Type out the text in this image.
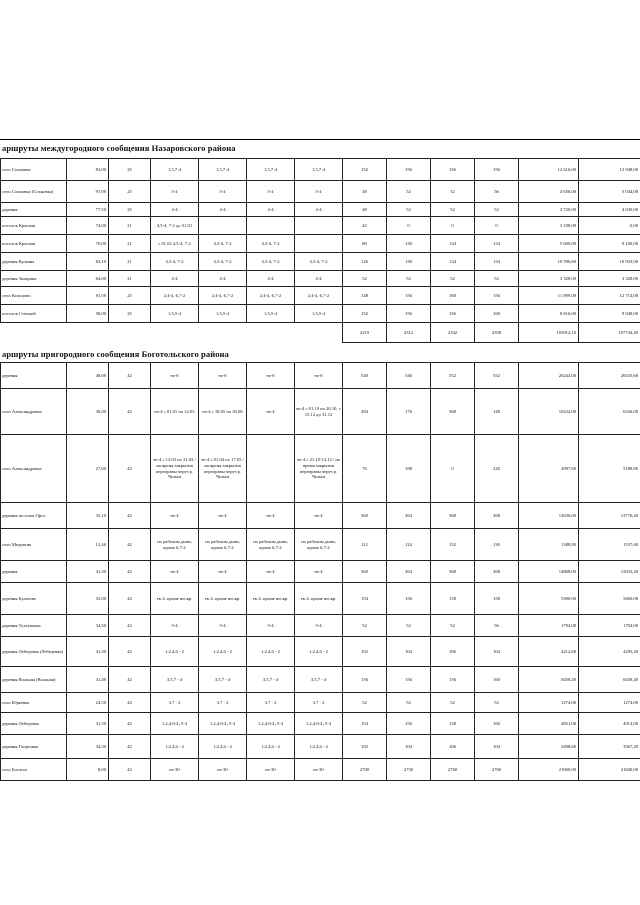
аршруты междугородного сообщения Назаровского района
село Сохновка	83,00	25	1,3,7-4	1,3,7-4	1,3,7-4	1,3,7-4	152	156	156	156	12 616,00	12 948,00
село Сохновка (Сохновка)	97,00	25	5-4	5-4	5-4	5-4	48	52	52	56	4 656,00	5 044,00
деревня	77,50	25	2-4	2-4	2-4	2-4	48	52	52	52	3 720,00	4 030,00
поселок Красная	74,00	21	4,5-4, 7-2 до 31.01				42	0	0	0	3 108,00	0,00
поселок Красная	70,00	21	с 01.02 4,5-4, 7-2	4,5-4, 7-2	4,5-4, 7-2		80	130	134	134	5 600,00	9 100,00
деревня Кульчна	84,10	21	4,5-4, 7-2	4,5-4, 7-2	4,5-4, 7-2	4,5-4, 7-2	126	130	134	134	10 596,60	10 933,00
деревня Захарина	64,00	21	2-4	2-4	2-4	2-4	52	52	52	52	3 328,00	3 328,00
село Кольцово	81,50	25	2,4-4, 6,7-2	2,4-4, 6,7-2	2,4-4, 6,7-2	2,4-4, 6,7-2	148	156	160	156	11 899,00	12 714,00
поселок Степной	58,00	25	1,3,5-4	1,3,5-4	1,3,5-4	1,3,5-4	152	156	156	160	8 816,00	9 048,00
							2219	2312	2342	2358	103912,10	107744,40
аршруты пригородного сообщения Боготольского района
деревня	48,60	42	ек-6	ек-6	ек-6	ек-6	540	546	552	552	26244,00	26535,60
село Александровка	36,00	42	ек-4 с 01.01 по 12.03	ек-4 с 18.05 по 30.06	ек-4	ек-4 с 01.10 по 20.10, с 15.12 до 31.12	284	176	368	148	10224,00	6336,00
село Александровка	27,60	42	ек-4 с 13.03 по 31.03 / на время закрытия переправы через р. Чулым	ек-4 с 01.04 по 17.05 / на время закрытия переправы через р. Чулым		ек-4 с 21.10-14.12 / на время закрытия переправы через р. Чулым	76	188	0	220	2097,60	5188,80
деревня поселок Орга	35,10	42	ек-4	ек-4	ек-4	ек-4	360	364	368	368	12636,00	12776,40
село Медиатик	12,40	42	по рабочим дням, кроме 6,7-2	по рабочим дням, кроме 6,7-2	по рабочим дням, кроме 6,7-2	по рабочим дням, кроме 6,7-2	112	124	132	130	1388,80	1537,60
деревня	41,30	42	ек-4	ек-4	ек-4	ек-4	360	364	368	368	14868,00	15033,20
деревня Булатово	35,00	42	ек-2, кроме воскр.	ек-2, кроме воскр.	ек-2, кроме воскр.	ек-2, кроме воскр.	154	156	158	158	5390,00	5460,00
деревня Тузлуковка	34,50	42	5-4	5-4	5-4	5-4	52	52	52	56	1794,00	1794,00
деревня Лебедевка (Лебедевка)	41,30	42	1,2,4,6 - 2	1,2,4,6 - 2	1,2,4,6 - 2	1,2,4,6 - 2	102	104	106	104	4212,60	4295,20
деревня Вольная (Вольная)	41,40	42	3,5,7 - 4	3,5,7 - 4	3,5,7 - 4	3,5,7 - 4	156	156	156	160	6458,40	6458,40
село Юрьевка	24,50	42	3,7 - 2	3,7 - 2	3,7 - 2	3,7 - 2	52	52	52	52	1274,00	1274,00
деревня Лебедевка	31,50	42	1,2,4,6-2; 5-4	1,2,4,6-2; 5-4	1,2,4,6-2; 5-4	1,2,4,6-2; 5-4	154	156	158	160	4851,00	4914,00
деревня Глортовка	34,30	42	1,2,4,6 - 2	1,2,4,6 - 2	1,2,4,6 - 2	1,2,4,6 - 2	102	104	106	104	3498,60	3567,20
село Боготол	8,00	42	ек-30	ек-30	ек-30	ек-30	2700	2730	2760	2760	21600,00	21840,00
